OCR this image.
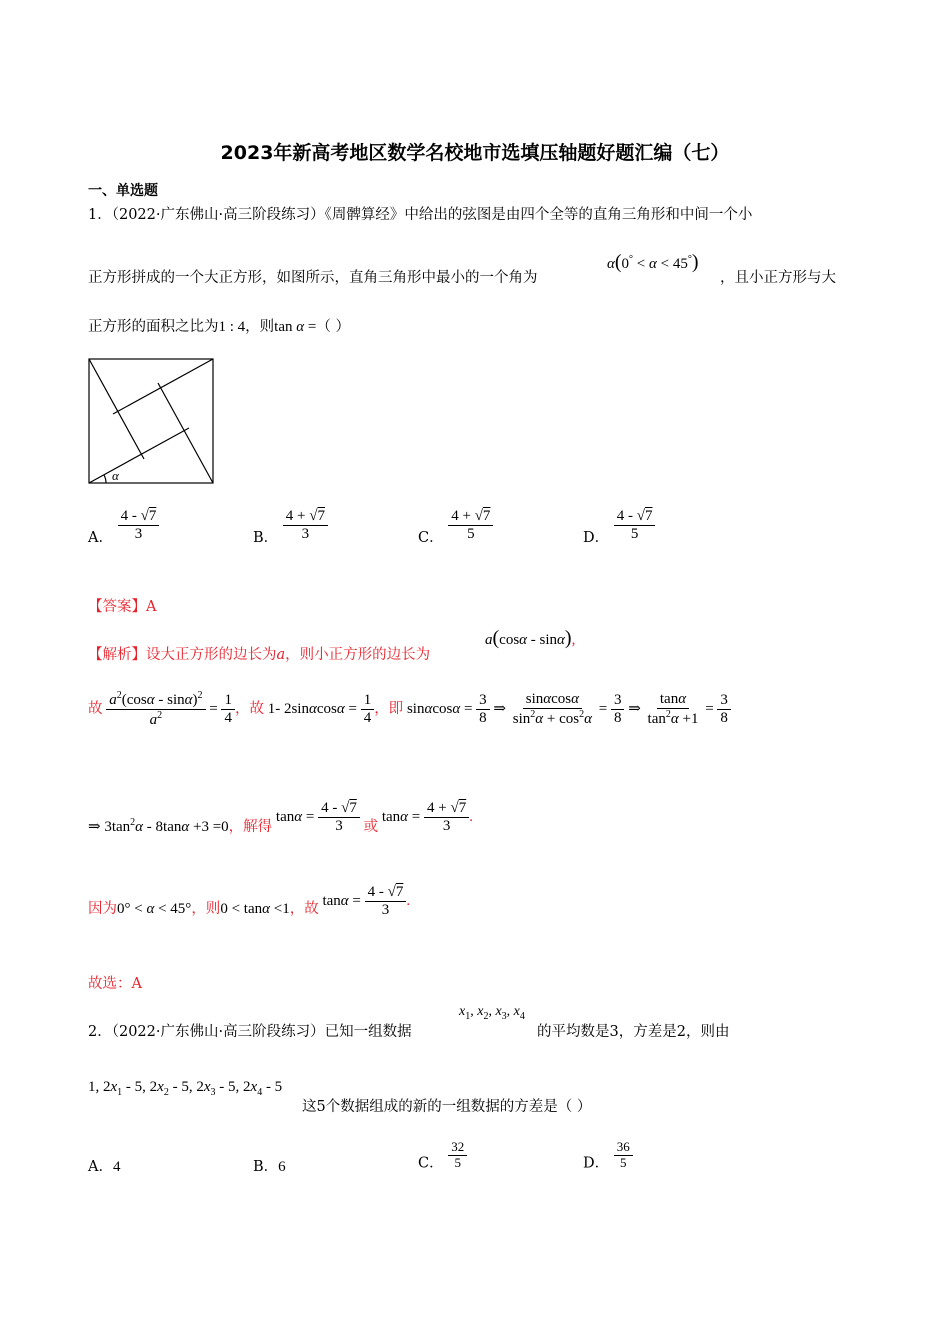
2023年新高考地区数学名校地市选填压轴题好题汇编（七）
一、单选题
1．（2022·广东佛山·高三阶段练习）《周髀算经》中给出的弦图是由四个全等的直角三角形和中间一个小
正方形拼成的一个大正方形，如图所示，直角三角形中最小的一个角为
α(0° < α < 45°)
，且小正方形与大
正方形的面积之比为1 : 4，则tan α =（ ）
α
A． $\frac{4 - √7}{3}$	B． $\frac{4 + √7}{3}$	C． $\frac{4 + √7}{5}$	D． $\frac{4 - √7}{5}$
【答案】A
【解析】设大正方形的边长为a，则小正方形的边长为
a(cosα - sinα),
故 $\frac{a^2(\cos\alpha - \sin\alpha)^2}{a^2} = \frac{1}{4}$ ，故 1- $2\sin\alpha\cos\alpha = \frac{1}{4}$ ，即 $\sin\alpha\cos\alpha = \frac{3}{8}$ ⇒ $\frac{\sin\alpha\cos\alpha}{\sin^2\alpha + \cos^2\alpha} = \frac{3}{8}$ ⇒ $\frac{\tan\alpha}{\tan^2\alpha +1} = \frac{3}{8}$
⇒ $3\tan^2\alpha - 8\tan\alpha +3 =0$，解得 $\tan\alpha = \frac{4 - √7}{3}$ 或 $\tan\alpha = \frac{4 + √7}{3}$ .
因为0° < α < 45°，则0 < tanα <1，故 $\tan\alpha = \frac{4 - √7}{3}$ .
故选：A
2．（2022·广东佛山·高三阶段练习）已知一组数据
$x_1$, $x_2$, $x_3$, $x_4$
的平均数是3，方差是2，则由
1, $2x_1 - 5$, $2x_2 - 5$, $2x_3 - 5$, $2x_4 - 5$
这5个数据组成的新的一组数据的方差是（ ）
A．4	B．6	C． $\frac{32}{5}$	D． $\frac{36}{5}$
